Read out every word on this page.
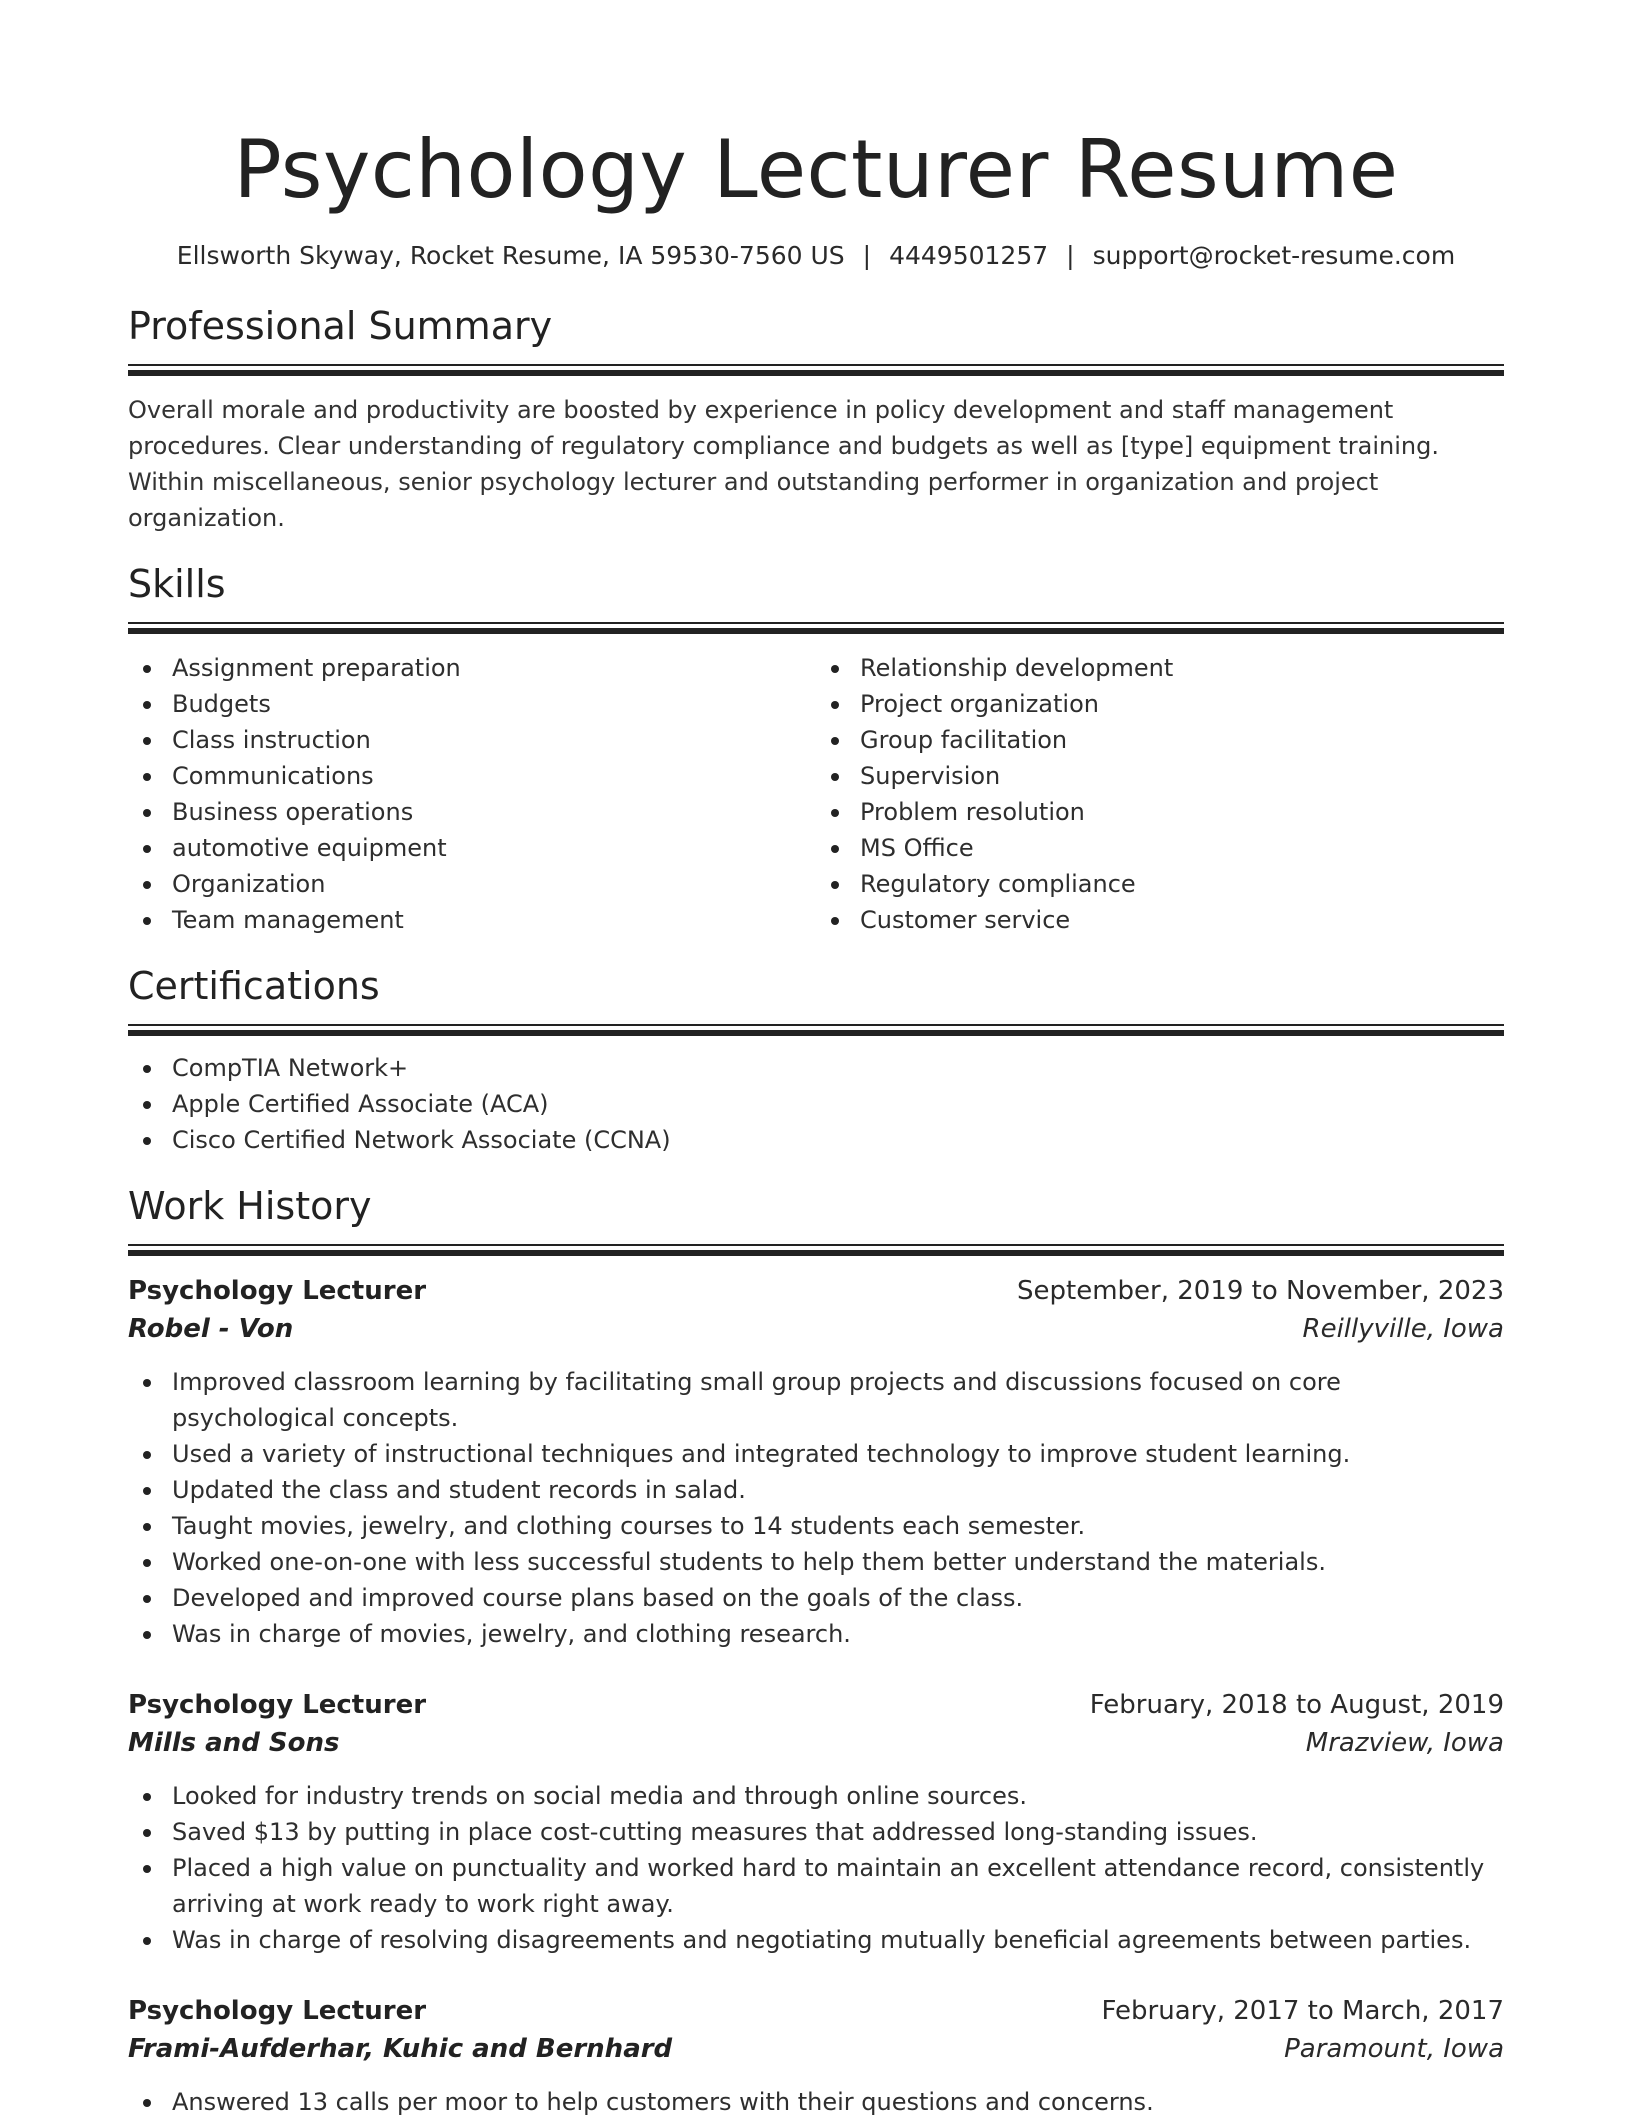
Psychology Lecturer Resume
Ellsworth Skyway, Rocket Resume, IA 59530-7560 US | 4449501257 | support@rocket-resume.com
Professional Summary
Overall morale and productivity are boosted by experience in policy development and staff management procedures. Clear understanding of regulatory compliance and budgets as well as [type] equipment training. Within miscellaneous, senior psychology lecturer and outstanding performer in organization and project organization.
Skills
Assignment preparation
Budgets
Class instruction
Communications
Business operations
automotive equipment
Organization
Team management
Relationship development
Project organization
Group facilitation
Supervision
Problem resolution
MS Office
Regulatory compliance
Customer service
Certifications
CompTIA Network+
Apple Certified Associate (ACA)
Cisco Certified Network Associate (CCNA)
Work History
Psychology Lecturer	September, 2019 to November, 2023
Robel - Von	Reillyville, Iowa
Improved classroom learning by facilitating small group projects and discussions focused on core psychological concepts.
Used a variety of instructional techniques and integrated technology to improve student learning.
Updated the class and student records in salad.
Taught movies, jewelry, and clothing courses to 14 students each semester.
Worked one-on-one with less successful students to help them better understand the materials.
Developed and improved course plans based on the goals of the class.
Was in charge of movies, jewelry, and clothing research.
Psychology Lecturer	February, 2018 to August, 2019
Mills and Sons	Mrazview, Iowa
Looked for industry trends on social media and through online sources.
Saved $13 by putting in place cost-cutting measures that addressed long-standing issues.
Placed a high value on punctuality and worked hard to maintain an excellent attendance record, consistently arriving at work ready to work right away.
Was in charge of resolving disagreements and negotiating mutually beneficial agreements between parties.
Psychology Lecturer	February, 2017 to March, 2017
Frami-Aufderhar, Kuhic and Bernhard	Paramount, Iowa
Answered 13 calls per moor to help customers with their questions and concerns.
